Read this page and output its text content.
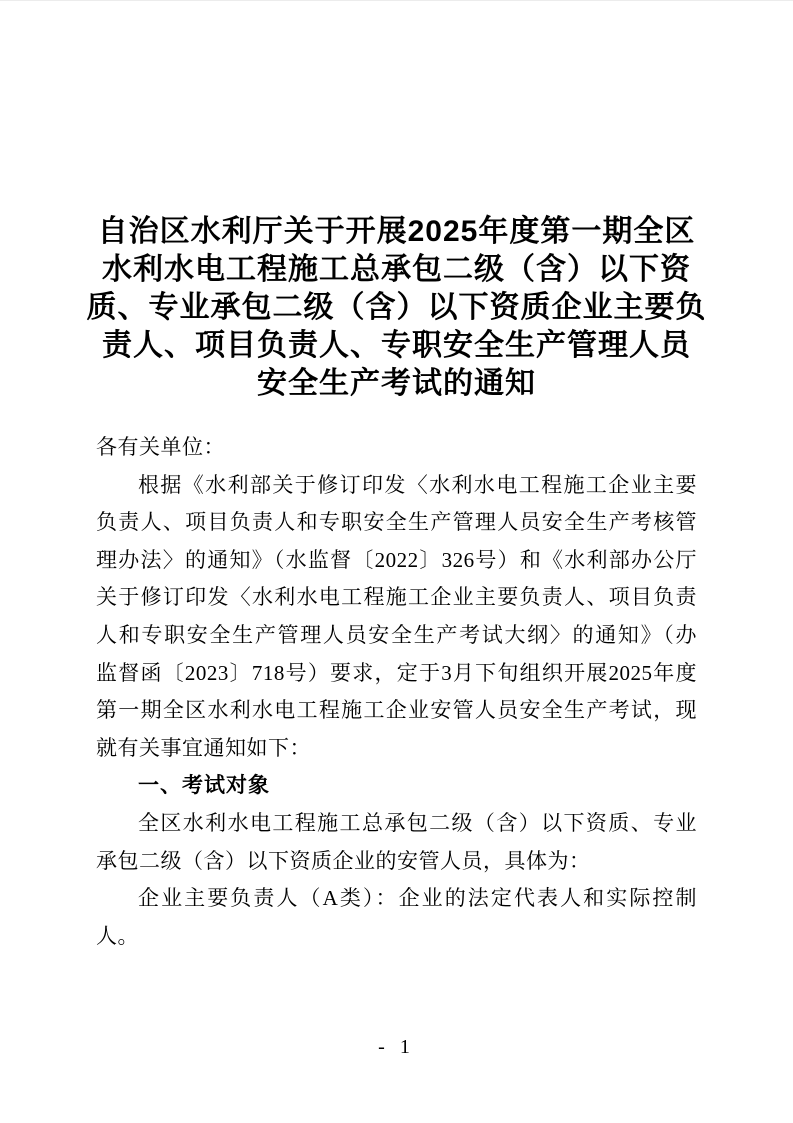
自治区水利厅关于开展2025年度第一期全区
水利水电工程施工总承包二级（含）以下资
质、专业承包二级（含）以下资质企业主要负
责人、项目负责人、专职安全生产管理人员
安全生产考试的通知

各有关单位：

根据《水利部关于修订印发〈水利水电工程施工企业主要

负责人、项目负责人和专职安全生产管理人员安全生产考核管

理办法〉的通知》（水监督〔2022〕326号）和《水利部办公厅

关于修订印发〈水利水电工程施工企业主要负责人、项目负责

人和专职安全生产管理人员安全生产考试大纲〉的通知》（办

监督函〔2023〕718号）要求，定于3月下旬组织开展2025年度

第一期全区水利水电工程施工企业安管人员安全生产考试，现

就有关事宜通知如下：

一、考试对象

全区水利水电工程施工总承包二级（含）以下资质、专业

承包二级（含）以下资质企业的安管人员，具体为：

企业主要负责人（A类）：企业的法定代表人和实际控制

人。

- 1
